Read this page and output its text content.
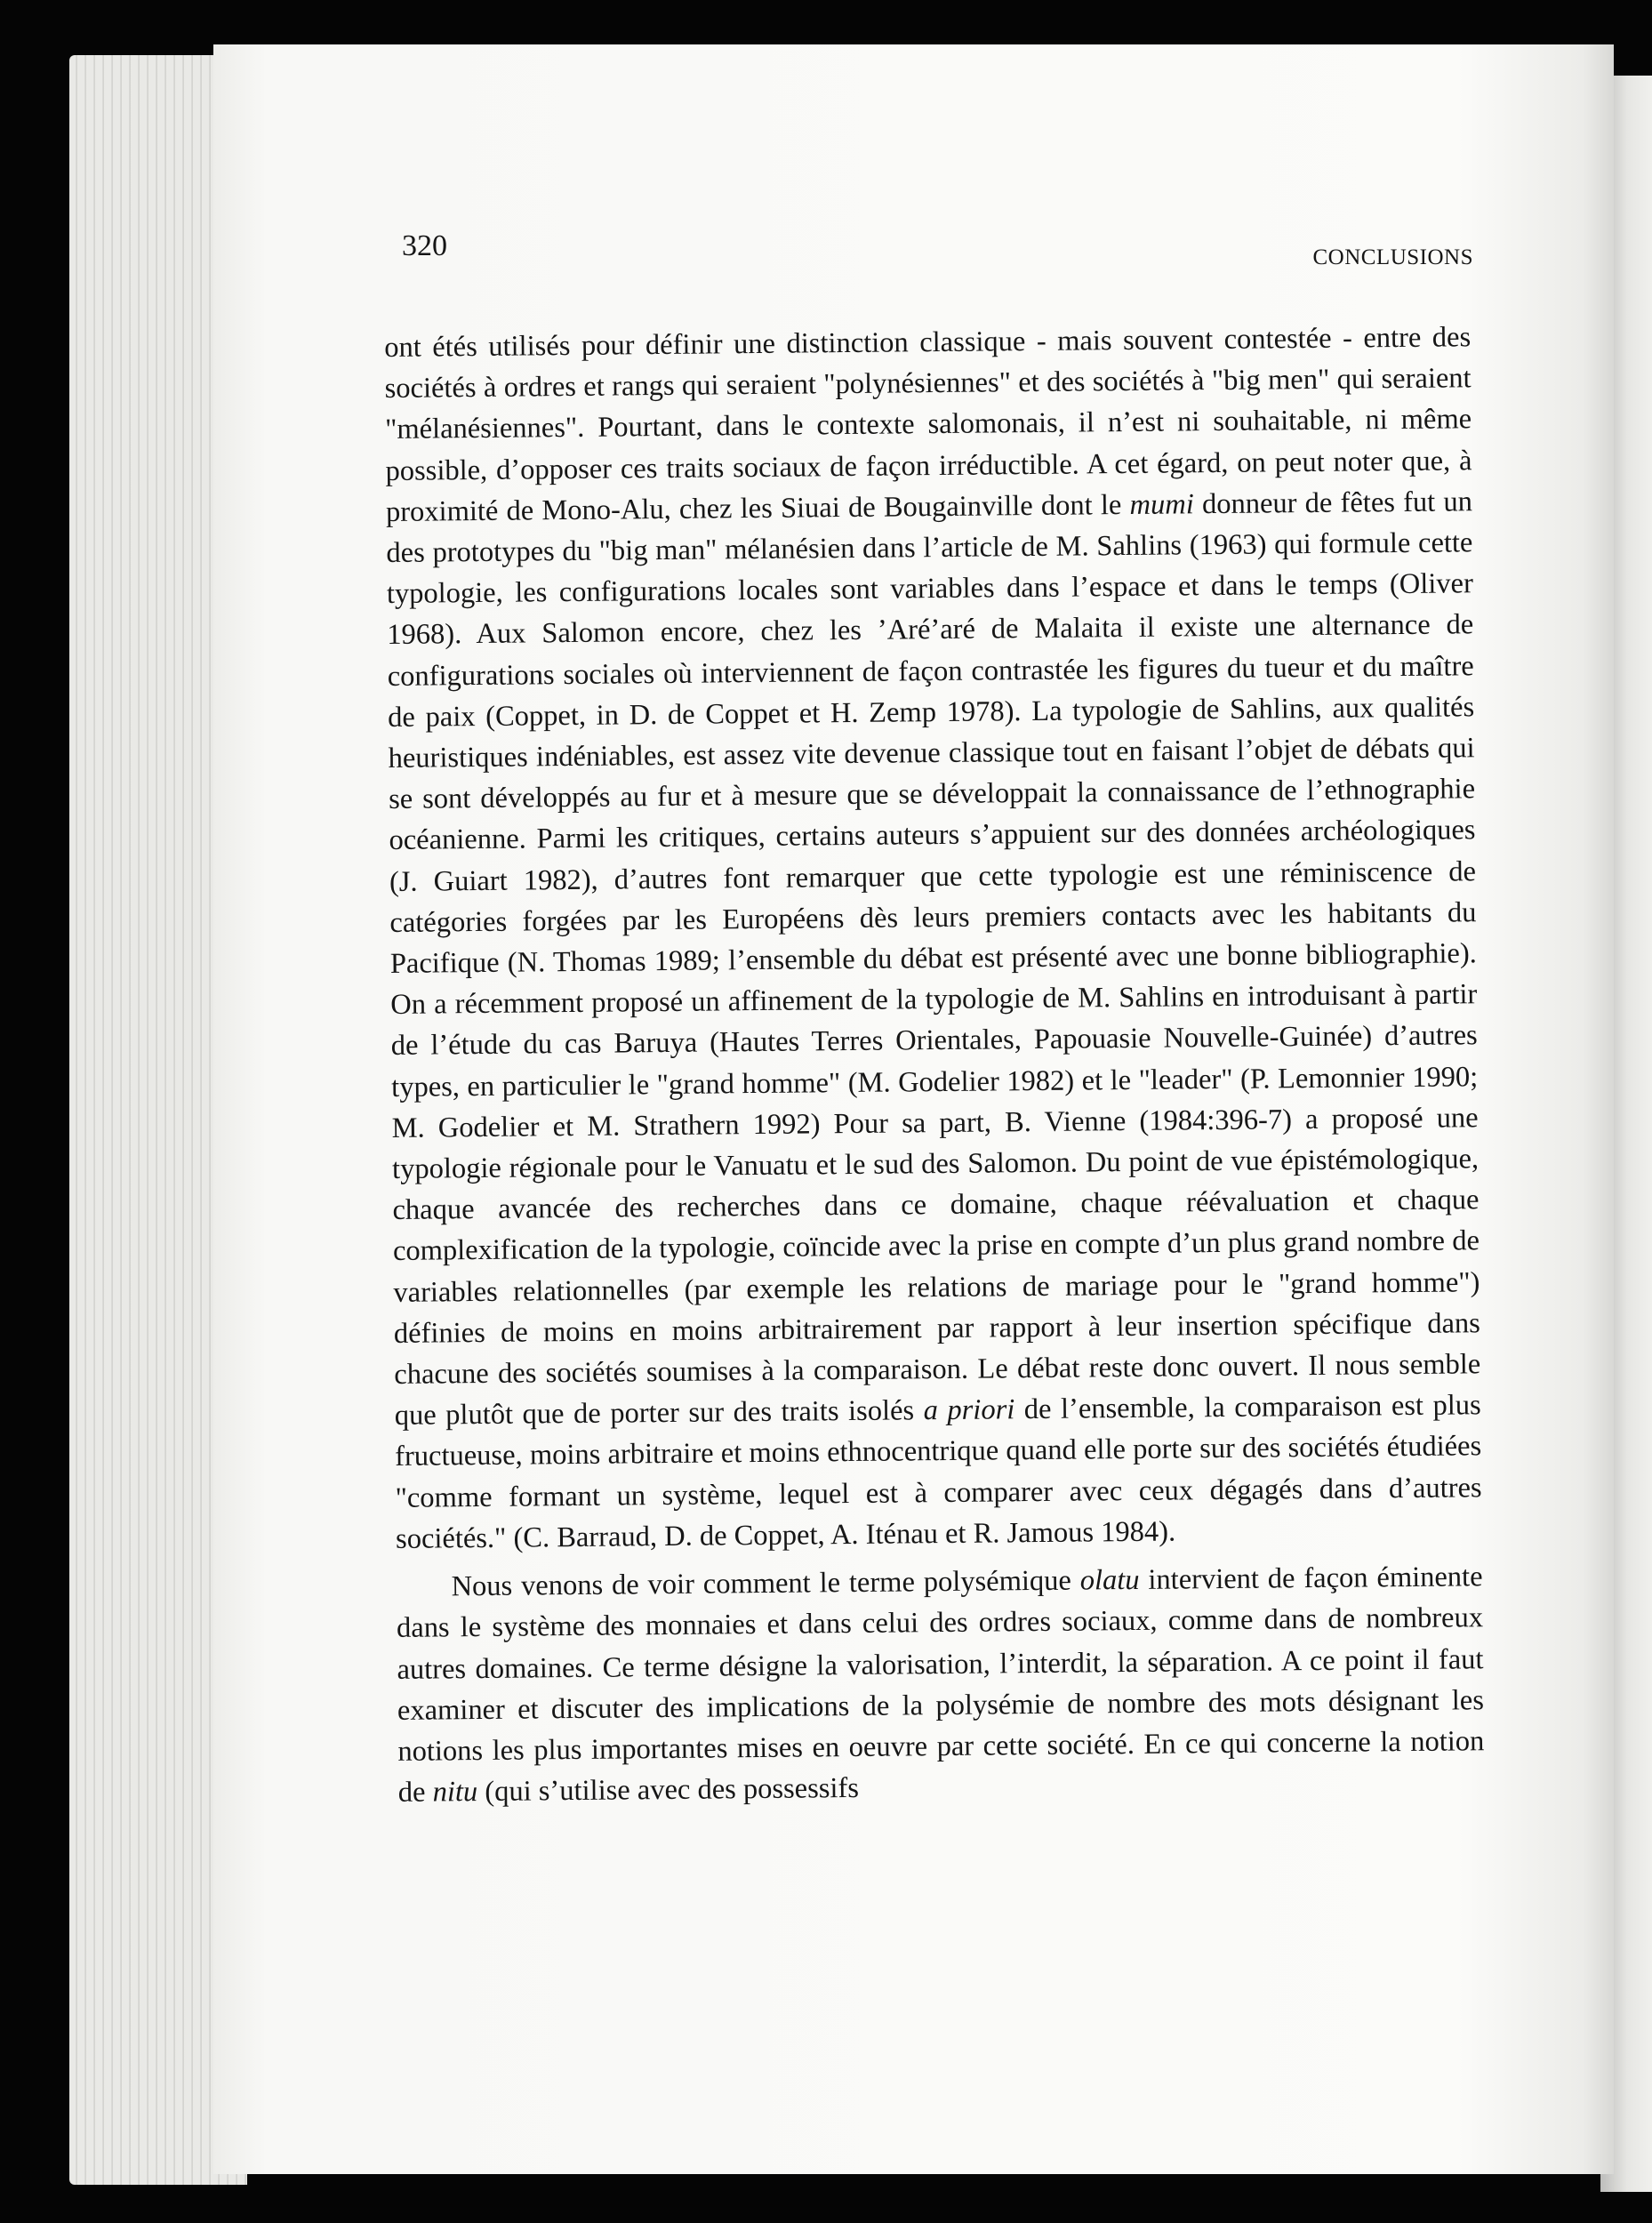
320	CONCLUSIONS

ont étés utilisés pour définir une distinction classique - mais souvent contestée - entre des sociétés à ordres et rangs qui seraient "polynésiennes" et des sociétés à "big men" qui seraient "mélanésiennes". Pourtant, dans le contexte salomonais, il n’est ni souhaitable, ni même possible, d’opposer ces traits sociaux de façon irréductible. A cet égard, on peut noter que, à proximité de Mono-Alu, chez les Siuai de Bougainville dont le mumi donneur de fêtes fut un des prototypes du "big man" mélanésien dans l’article de M. Sahlins (1963) qui formule cette typologie, les configurations locales sont variables dans l’espace et dans le temps (Oliver 1968). Aux Salomon encore, chez les ’Aré’aré de Malaita il existe une alternance de configurations sociales où interviennent de façon contrastée les figures du tueur et du maître de paix (Coppet, in D. de Coppet et H. Zemp 1978). La typologie de Sahlins, aux qualités heuristiques indéniables, est assez vite devenue classique tout en faisant l’objet de débats qui se sont développés au fur et à mesure que se développait la connaissance de l’ethnographie océanienne. Parmi les critiques, certains auteurs s’appuient sur des données archéologiques (J. Guiart 1982), d’autres font remarquer que cette typologie est une réminiscence de catégories forgées par les Européens dès leurs premiers contacts avec les habitants du Pacifique (N. Thomas 1989; l’ensemble du débat est présenté avec une bonne bibliographie). On a récemment proposé un affinement de la typologie de M. Sahlins en introduisant à partir de l’étude du cas Baruya (Hautes Terres Orientales, Papouasie Nouvelle-Guinée) d’autres types, en particulier le "grand homme" (M. Godelier 1982) et le "leader" (P. Lemonnier 1990; M. Godelier et M. Strathern 1992) Pour sa part, B. Vienne (1984:396-7) a proposé une typologie régionale pour le Vanuatu et le sud des Salomon. Du point de vue épistémologique, chaque avancée des recherches dans ce domaine, chaque réévaluation et chaque complexification de la typologie, coïncide avec la prise en compte d’un plus grand nombre de variables relationnelles (par exemple les relations de mariage pour le "grand homme") définies de moins en moins arbitrairement par rapport à leur insertion spécifique dans chacune des sociétés soumises à la comparaison. Le débat reste donc ouvert. Il nous semble que plutôt que de porter sur des traits isolés a priori de l’ensemble, la comparaison est plus fructueuse, moins arbitraire et moins ethnocentrique quand elle porte sur des sociétés étudiées "comme formant un système, lequel est à comparer avec ceux dégagés dans d’autres sociétés." (C. Barraud, D. de Coppet, A. Iténau et R. Jamous 1984).

Nous venons de voir comment le terme polysémique olatu intervient de façon éminente dans le système des monnaies et dans celui des ordres sociaux, comme dans de nombreux autres domaines. Ce terme désigne la valorisation, l’interdit, la séparation. A ce point il faut examiner et discuter des implications de la polysémie de nombre des mots désignant les notions les plus importantes mises en oeuvre par cette société. En ce qui concerne la notion de nitu (qui s’utilise avec des possessifs
